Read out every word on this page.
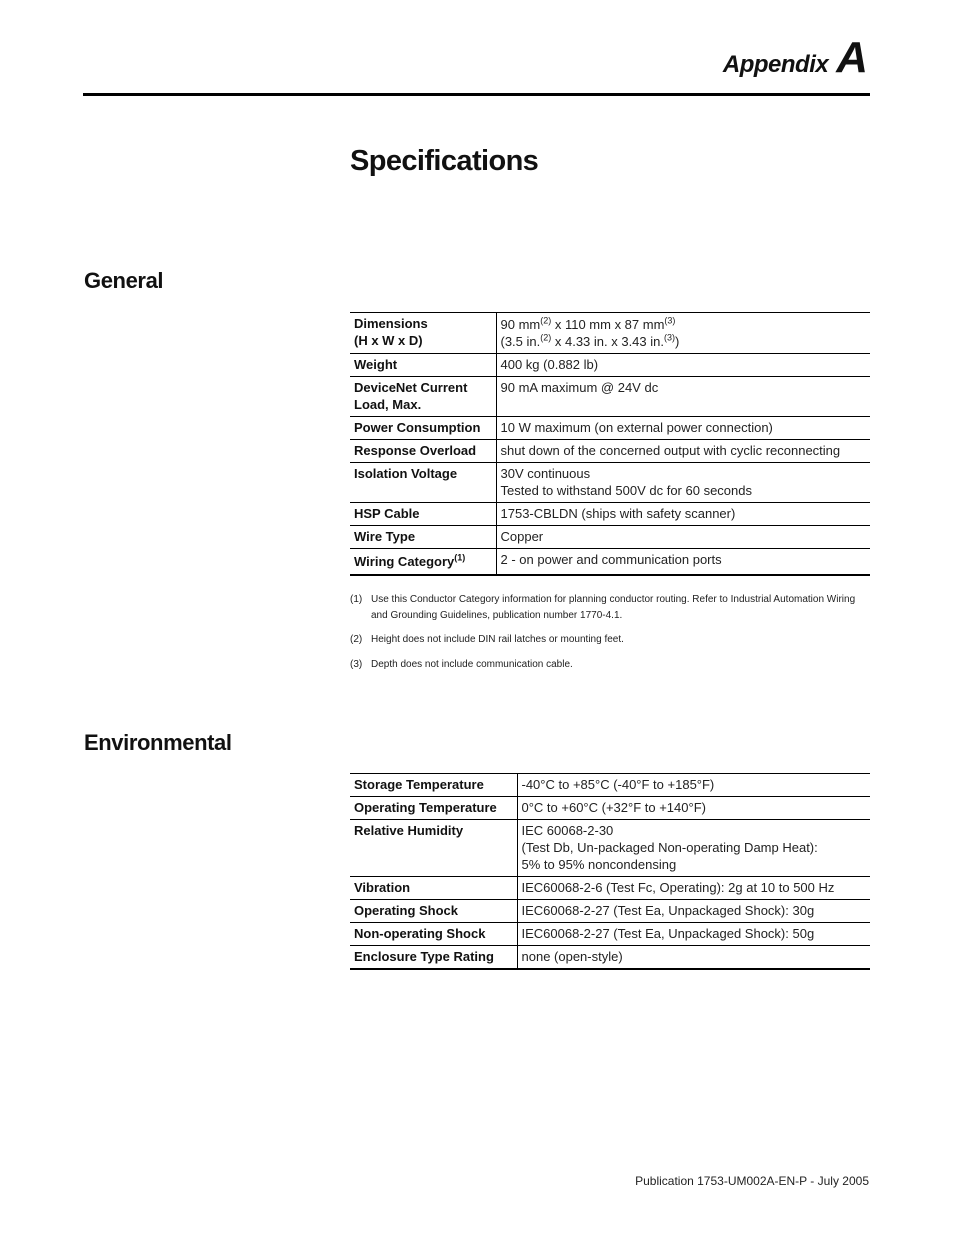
Appendix A
Specifications
General
Dimensions
(H x W x D)	90 $mm^{(2)}$ x 110 mm x 87 $mm^{(3)}$
(3.5 in.$^{(2)}$ x 4.33 in. x 3.43 in.$^{(3)}$)
Weight	400 kg (0.882 lb)
DeviceNet Current
Load, Max.	90 mA maximum @ 24V dc
Power Consumption	10 W maximum (on external power connection)
Response Overload	shut down of the concerned output with cyclic reconnecting
Isolation Voltage	30V continuous
Tested to withstand 500V dc for 60 seconds
HSP Cable	1753-CBLDN (ships with safety scanner)
Wire Type	Copper
Wiring Category$^{(1)}$	2 - on power and communication ports
(1) Use this Conductor Category information for planning conductor routing. Refer to Industrial Automation Wiring and Grounding Guidelines, publication number 1770-4.1.
(2) Height does not include DIN rail latches or mounting feet.
(3) Depth does not include communication cable.
Environmental
Storage Temperature	-40°C to +85°C (-40°F to +185°F)
Operating Temperature	0°C to +60°C (+32°F to +140°F)
Relative Humidity	IEC 60068-2-30
(Test Db, Un-packaged Non-operating Damp Heat):
5% to 95% noncondensing
Vibration	IEC60068-2-6 (Test Fc, Operating): 2g at 10 to 500 Hz
Operating Shock	IEC60068-2-27 (Test Ea, Unpackaged Shock): 30g
Non-operating Shock	IEC60068-2-27 (Test Ea, Unpackaged Shock): 50g
Enclosure Type Rating	none (open-style)
Publication 1753-UM002A-EN-P - July 2005
